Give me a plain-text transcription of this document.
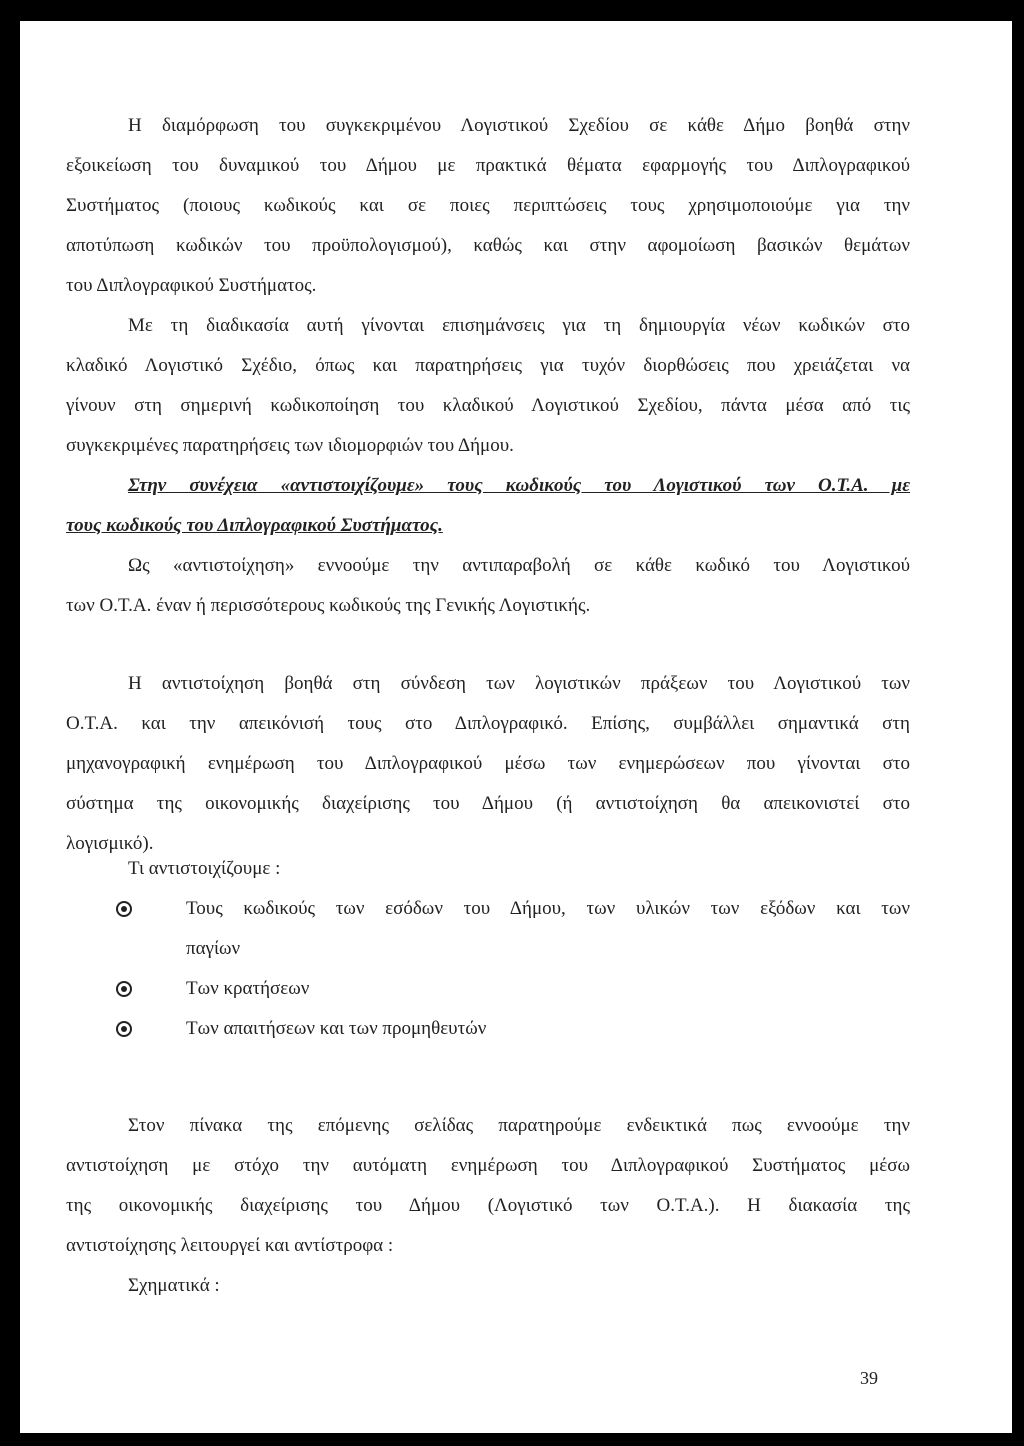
Η διαμόρφωση του συγκεκριμένου Λογιστικού Σχεδίου σε κάθε Δήμο βοηθά στην
εξοικείωση του δυναμικού του Δήμου με πρακτικά θέματα εφαρμογής του Διπλογραφικού
Συστήματος (ποιους κωδικούς και σε ποιες περιπτώσεις τους χρησιμοποιούμε για την
αποτύπωση κωδικών του προϋπολογισμού), καθώς και στην αφομοίωση βασικών θεμάτων
του Διπλογραφικού Συστήματος.
Με τη διαδικασία αυτή γίνονται επισημάνσεις για τη δημιουργία νέων κωδικών στο
κλαδικό Λογιστικό Σχέδιο, όπως και παρατηρήσεις για τυχόν διορθώσεις που χρειάζεται να
γίνουν στη σημερινή κωδικοποίηση του κλαδικού Λογιστικού Σχεδίου, πάντα μέσα από τις
συγκεκριμένες παρατηρήσεις των ιδιομορφιών του Δήμου.
Στην συνέχεια «αντιστοιχίζουμε» τους κωδικούς του Λογιστικού των Ο.Τ.Α. με
τους κωδικούς του Διπλογραφικού Συστήματος.
Ως «αντιστοίχηση» εννοούμε την αντιπαραβολή σε κάθε κωδικό του Λογιστικού
των Ο.Τ.Α. έναν ή περισσότερους κωδικούς της Γενικής Λογιστικής.
Η αντιστοίχηση βοηθά στη σύνδεση των λογιστικών πράξεων του Λογιστικού των
Ο.Τ.Α. και την απεικόνισή τους στο Διπλογραφικό. Επίσης, συμβάλλει σημαντικά στη
μηχανογραφική ενημέρωση του Διπλογραφικού μέσω των ενημερώσεων που γίνονται στο
σύστημα της οικονομικής διαχείρισης του Δήμου (ή αντιστοίχηση θα απεικονιστεί στο
λογισμικό).
Τι αντιστοιχίζουμε :
Τους κωδικούς των εσόδων του Δήμου, των υλικών των εξόδων και των
παγίων
Των κρατήσεων
Των απαιτήσεων και των προμηθευτών
Στον πίνακα της επόμενης σελίδας παρατηρούμε ενδεικτικά πως εννοούμε την
αντιστοίχηση με στόχο την αυτόματη ενημέρωση του Διπλογραφικού Συστήματος μέσω
της οικονομικής διαχείρισης του Δήμου (Λογιστικό των Ο.Τ.Α.). Η διακασία της
αντιστοίχησης λειτουργεί και αντίστροφα :
Σχηματικά :
39
